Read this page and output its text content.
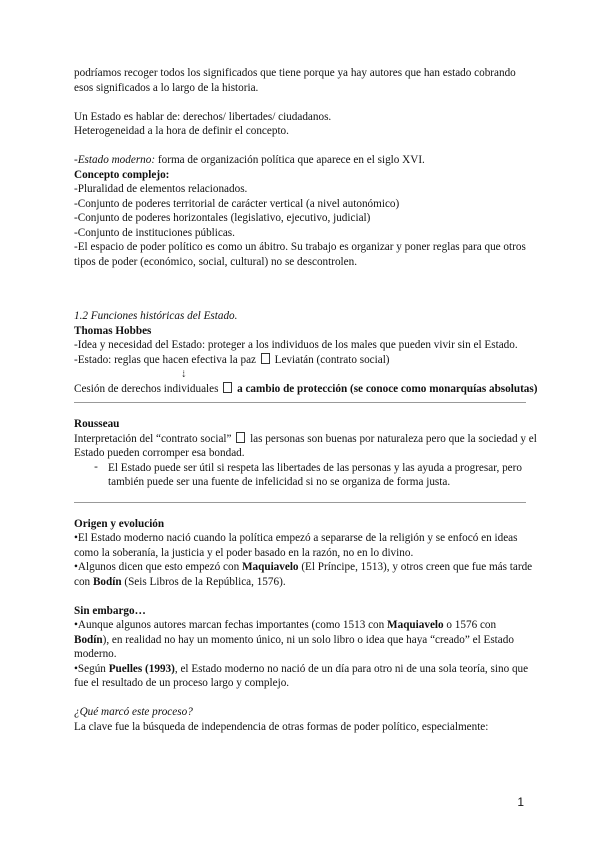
podríamos recoger todos los significados que tiene porque ya hay autores que han estado cobrando
esos significados a lo largo de la historia.
Un Estado es hablar de: derechos/ libertades/ ciudadanos.
Heterogeneidad a la hora de definir el concepto.
-Estado moderno: forma de organización política que aparece en el siglo XVI.
Concepto complejo:
-Pluralidad de elementos relacionados.
-Conjunto de poderes territorial de carácter vertical (a nivel autonómico)
-Conjunto de poderes horizontales (legislativo, ejecutivo, judicial)
-Conjunto de instituciones públicas.
-El espacio de poder político es como un ábitro. Su trabajo es organizar y poner reglas para que otros
tipos de poder (económico, social, cultural) no se descontrolen.
1.2 Funciones históricas del Estado.
Thomas Hobbes
-Idea y necesidad del Estado: proteger a los individuos de los males que pueden vivir sin el Estado.
-Estado: reglas que hacen efectiva la paz Leviatán (contrato social)
⇣
Cesión de derechos individuales a cambio de protección (se conoce como monarquías absolutas)
Rousseau
Interpretación del “contrato social” las personas son buenas por naturaleza pero que la sociedad y el
Estado pueden corromper esa bondad.
- El Estado puede ser útil si respeta las libertades de las personas y las ayuda a progresar, pero
también puede ser una fuente de infelicidad si no se organiza de forma justa.
Origen y evolución
•El Estado moderno nació cuando la política empezó a separarse de la religión y se enfocó en ideas
como la soberanía, la justicia y el poder basado en la razón, no en lo divino.
•Algunos dicen que esto empezó con Maquiavelo (El Príncipe, 1513), y otros creen que fue más tarde
con Bodín (Seis Libros de la República, 1576).
Sin embargo…
•Aunque algunos autores marcan fechas importantes (como 1513 con Maquiavelo o 1576 con
Bodín), en realidad no hay un momento único, ni un solo libro o idea que haya “creado” el Estado
moderno.
•Según Puelles (1993), el Estado moderno no nació de un día para otro ni de una sola teoría, sino que
fue el resultado de un proceso largo y complejo.
¿Qué marcó este proceso?
La clave fue la búsqueda de independencia de otras formas de poder político, especialmente:
1
